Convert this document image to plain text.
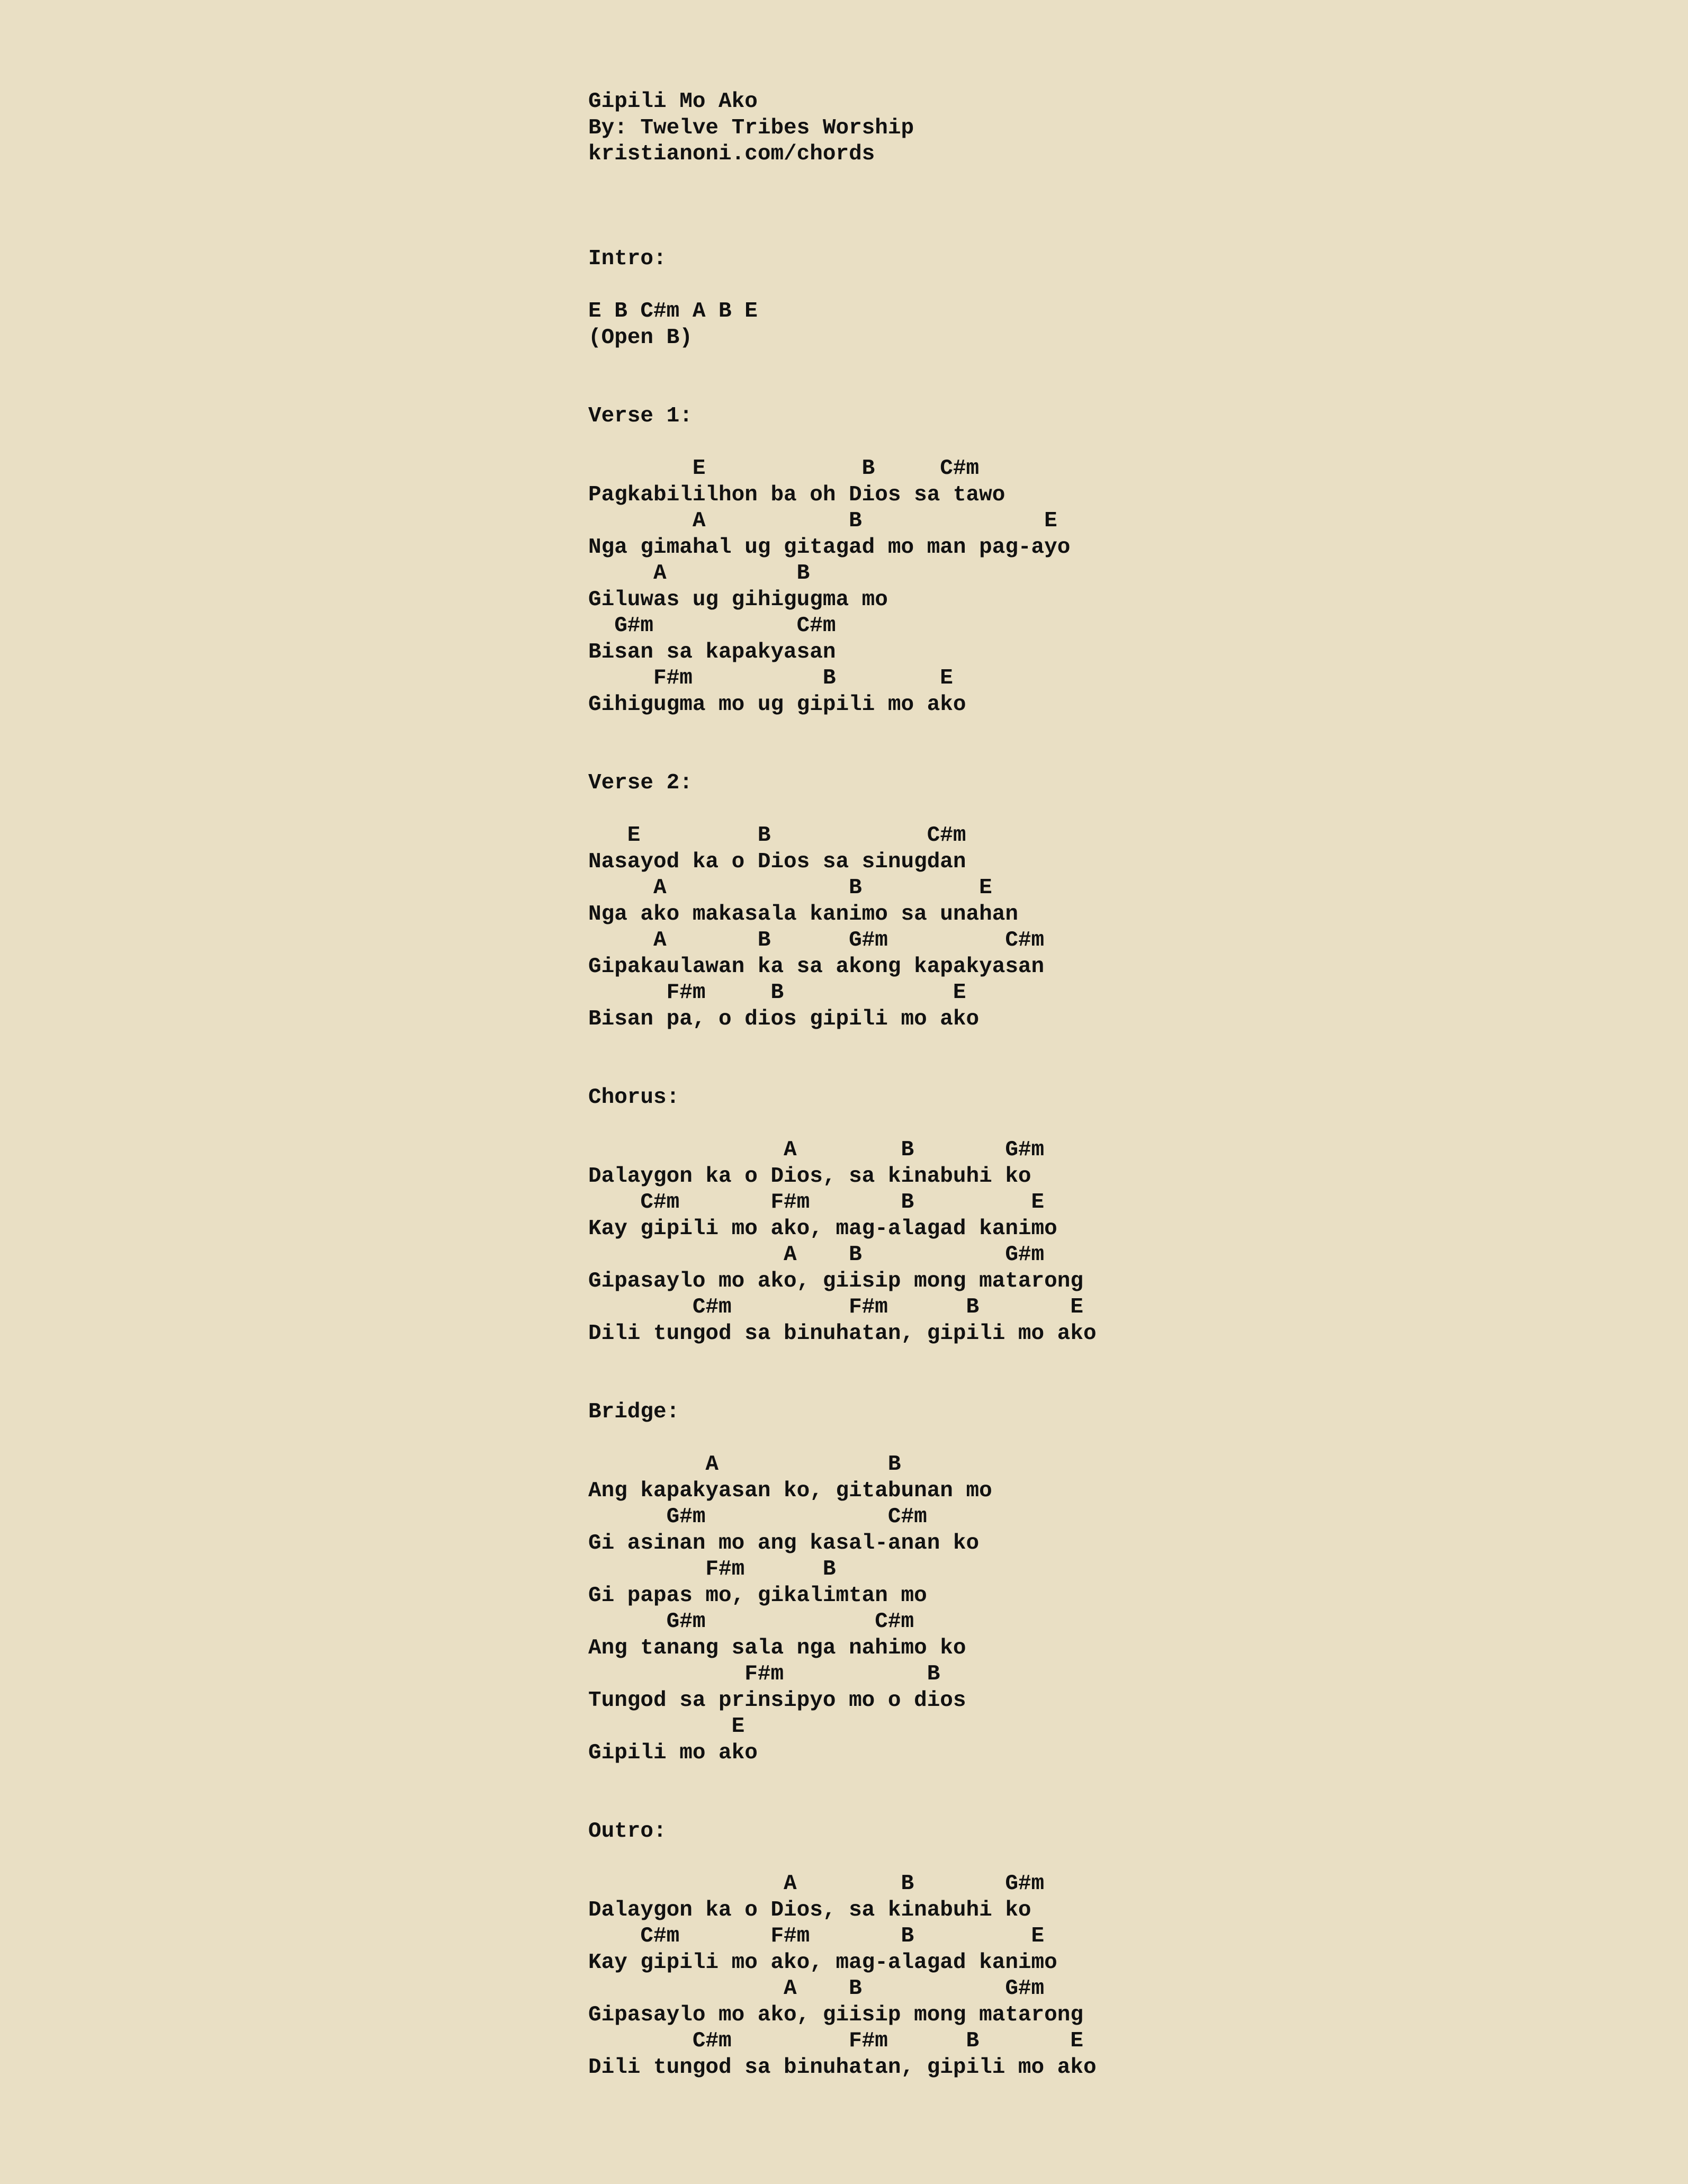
Gipili Mo Ako
By: Twelve Tribes Worship
kristianoni.com/chords
Intro:
E B C#m A B E
(Open B)
Verse 1:
E            B     C#m
Pagkabililhon ba oh Dios sa tawo
A           B              E
Nga gimahal ug gitagad mo man pag-ayo
A          B
Giluwas ug gihigugma mo
G#m           C#m
Bisan sa kapakyasan
F#m          B        E
Gihigugma mo ug gipili mo ako
Verse 2:
E         B            C#m
Nasayod ka o Dios sa sinugdan
A              B         E
Nga ako makasala kanimo sa unahan
A       B      G#m         C#m
Gipakaulawan ka sa akong kapakyasan
F#m     B             E
Bisan pa, o dios gipili mo ako
Chorus:
A        B       G#m
Dalaygon ka o Dios, sa kinabuhi ko
C#m       F#m       B         E
Kay gipili mo ako, mag-alagad kanimo
A    B           G#m
Gipasaylo mo ako, giisip mong matarong
C#m         F#m      B       E
Dili tungod sa binuhatan, gipili mo ako
Bridge:
A             B
Ang kapakyasan ko, gitabunan mo
G#m              C#m
Gi asinan mo ang kasal-anan ko
F#m      B
Gi papas mo, gikalimtan mo
G#m             C#m
Ang tanang sala nga nahimo ko
F#m           B
Tungod sa prinsipyo mo o dios
E
Gipili mo ako
Outro:
A        B       G#m
Dalaygon ka o Dios, sa kinabuhi ko
C#m       F#m       B         E
Kay gipili mo ako, mag-alagad kanimo
A    B           G#m
Gipasaylo mo ako, giisip mong matarong
C#m         F#m      B       E
Dili tungod sa binuhatan, gipili mo ako
